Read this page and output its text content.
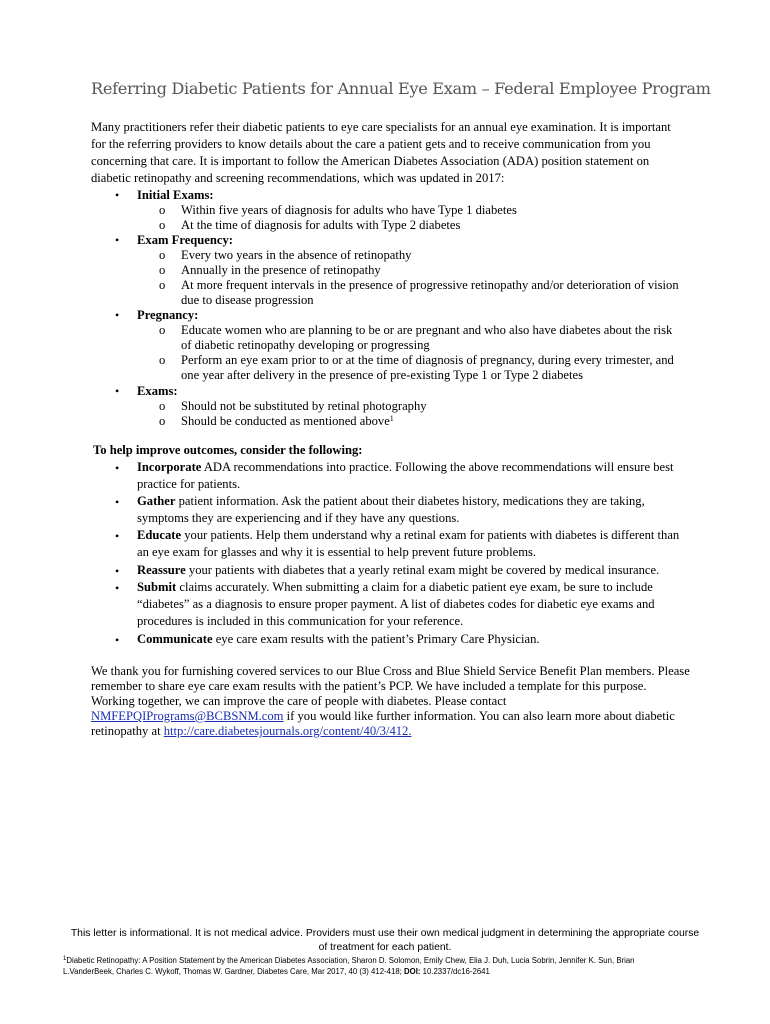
Referring Diabetic Patients for Annual Eye Exam – Federal Employee Program
Many practitioners refer their diabetic patients to eye care specialists for an annual eye examination. It is important
for the referring providers to know details about the care a patient gets and to receive communication from you
concerning that care. It is important to follow the American Diabetes Association (ADA) position statement on
diabetic retinopathy and screening recommendations, which was updated in 2017:
• Initial Exams:
o Within five years of diagnosis for adults who have Type 1 diabetes
o At the time of diagnosis for adults with Type 2 diabetes
• Exam Frequency:
o Every two years in the absence of retinopathy
o Annually in the presence of retinopathy
o At more frequent intervals in the presence of progressive retinopathy and/or deterioration of vision
due to disease progression
• Pregnancy:
o Educate women who are planning to be or are pregnant and who also have diabetes about the risk
of diabetic retinopathy developing or progressing
o Perform an eye exam prior to or at the time of diagnosis of pregnancy, during every trimester, and
one year after delivery in the presence of pre-existing Type 1 or Type 2 diabetes
• Exams:
o Should not be substituted by retinal photography
o Should be conducted as mentioned above$^1$
To help improve outcomes, consider the following:
• Incorporate ADA recommendations into practice. Following the above recommendations will ensure best
practice for patients.
• Gather patient information. Ask the patient about their diabetes history, medications they are taking,
symptoms they are experiencing and if they have any questions.
• Educate your patients. Help them understand why a retinal exam for patients with diabetes is different than
an eye exam for glasses and why it is essential to help prevent future problems.
• Reassure your patients with diabetes that a yearly retinal exam might be covered by medical insurance.
• Submit claims accurately. When submitting a claim for a diabetic patient eye exam, be sure to include
“diabetes” as a diagnosis to ensure proper payment. A list of diabetes codes for diabetic eye exams and
procedures is included in this communication for your reference.
• Communicate eye care exam results with the patient’s Primary Care Physician.
We thank you for furnishing covered services to our Blue Cross and Blue Shield Service Benefit Plan members. Please
remember to share eye care exam results with the patient’s PCP. We have included a template for this purpose.
Working together, we can improve the care of people with diabetes. Please contact
NMFEPQIPrograms@BCBSNM.com if you would like further information. You can also learn more about diabetic
retinopathy at http://care.diabetesjournals.org/content/40/3/412.
This letter is informational. It is not medical advice. Providers must use their own medical judgment in determining the appropriate course
of treatment for each patient.
$^1$Diabetic Retinopathy: A Position Statement by the American Diabetes Association, Sharon D. Solomon, Emily Chew, Elia J. Duh, Lucia Sobrin, Jennifer K. Sun, Brian
L.VanderBeek, Charles C. Wykoff, Thomas W. Gardner, Diabetes Care, Mar 2017, 40 (3) 412-418; DOI: 10.2337/dc16-2641
